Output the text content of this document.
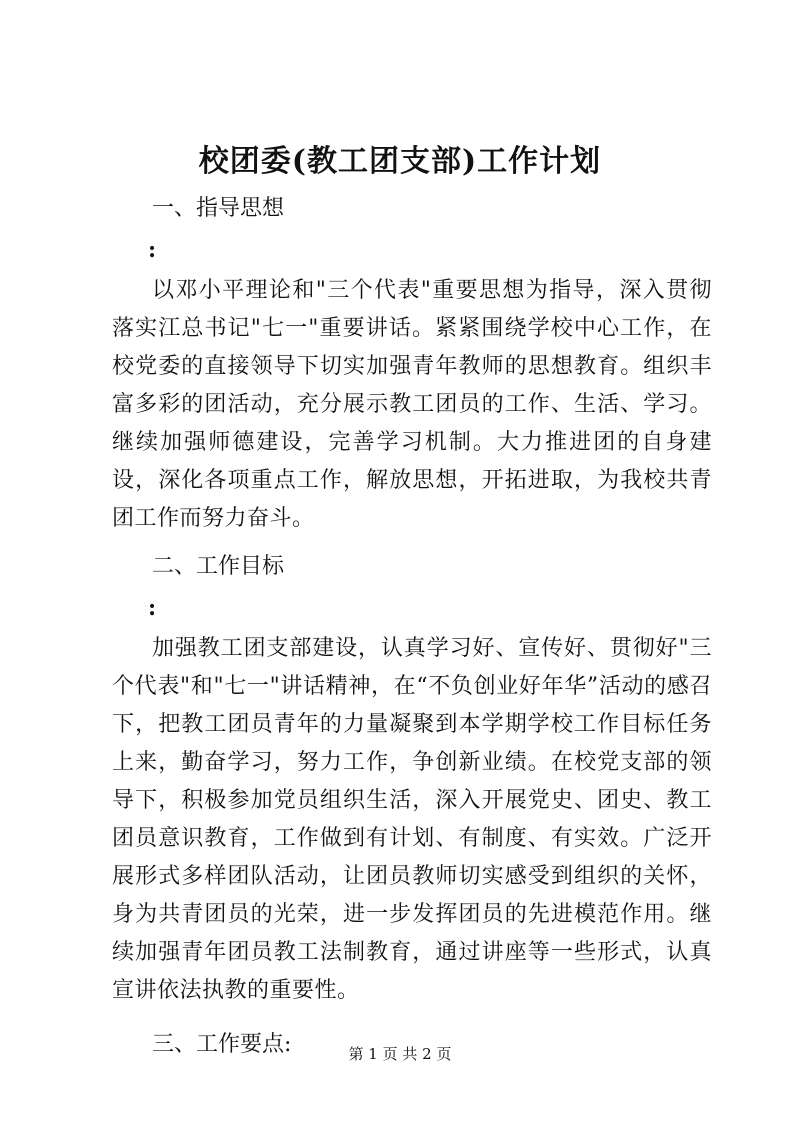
校团委(教工团支部)工作计划
一、指导思想
:

以邓小平理论和"三个代表"重要思想为指导，深入贯彻落实江总书记"七一"重要讲话。紧紧围绕学校中心工作，在校党委的直接领导下切实加强青年教师的思想教育。组织丰富多彩的团活动，充分展示教工团员的工作、生活、学习。继续加强师德建设，完善学习机制。大力推进团的自身建设，深化各项重点工作，解放思想，开拓进取，为我校共青团工作而努力奋斗。

二、工作目标
:

加强教工团支部建设，认真学习好、宣传好、贯彻好"三个代表"和"七一"讲话精神，在“不负创业好年华”活动的感召下，把教工团员青年的力量凝聚到本学期学校工作目标任务上来，勤奋学习，努力工作，争创新业绩。在校党支部的领导下，积极参加党员组织生活，深入开展党史、团史、教工团员意识教育，工作做到有计划、有制度、有实效。广泛开展形式多样团队活动，让团员教师切实感受到组织的关怀，身为共青团员的光荣，进一步发挥团员的先进模范作用。继续加强青年团员教工法制教育，通过讲座等一些形式，认真宣讲依法执教的重要性。

三、工作要点:	第 1 页 共 2 页
